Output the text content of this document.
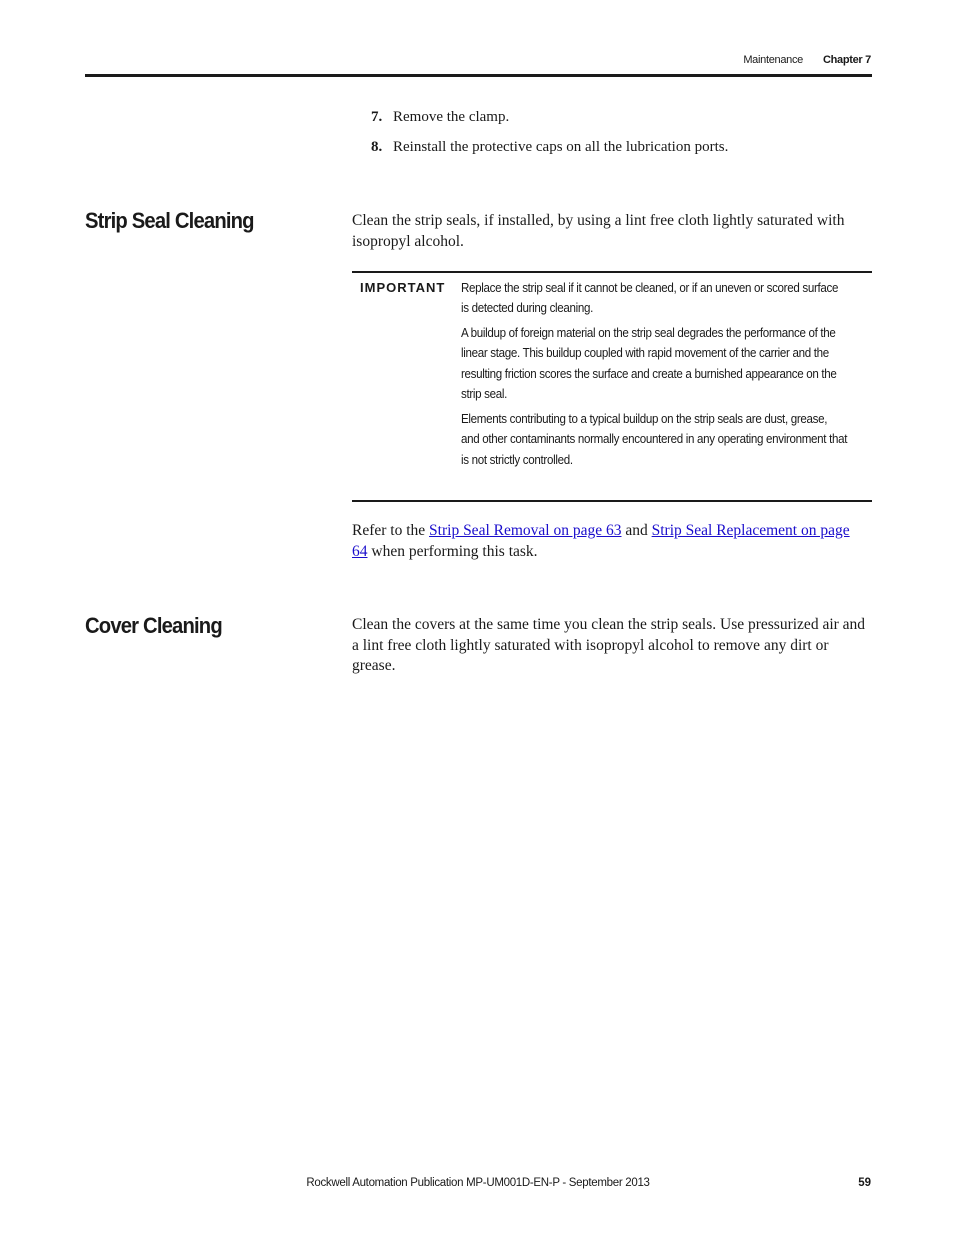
Maintenance	Chapter 7
7. Remove the clamp.
8. Reinstall the protective caps on all the lubrication ports.
Strip Seal Cleaning	Clean the strip seals, if installed, by using a lint free cloth lightly saturated with isopropyl alcohol.
IMPORTANT Replace the strip seal if it cannot be cleaned, or if an uneven or scored surface is detected during cleaning.
A buildup of foreign material on the strip seal degrades the performance of the linear stage. This buildup coupled with rapid movement of the carrier and the resulting friction scores the surface and create a burnished appearance on the strip seal.
Elements contributing to a typical buildup on the strip seals are dust, grease, and other contaminants normally encountered in any operating environment that is not strictly controlled.
Refer to the Strip Seal Removal on page 63 and Strip Seal Replacement on page 64 when performing this task.
Cover Cleaning	Clean the covers at the same time you clean the strip seals. Use pressurized air and a lint free cloth lightly saturated with isopropyl alcohol to remove any dirt or grease.
Rockwell Automation Publication MP-UM001D-EN-P - September 2013	59
